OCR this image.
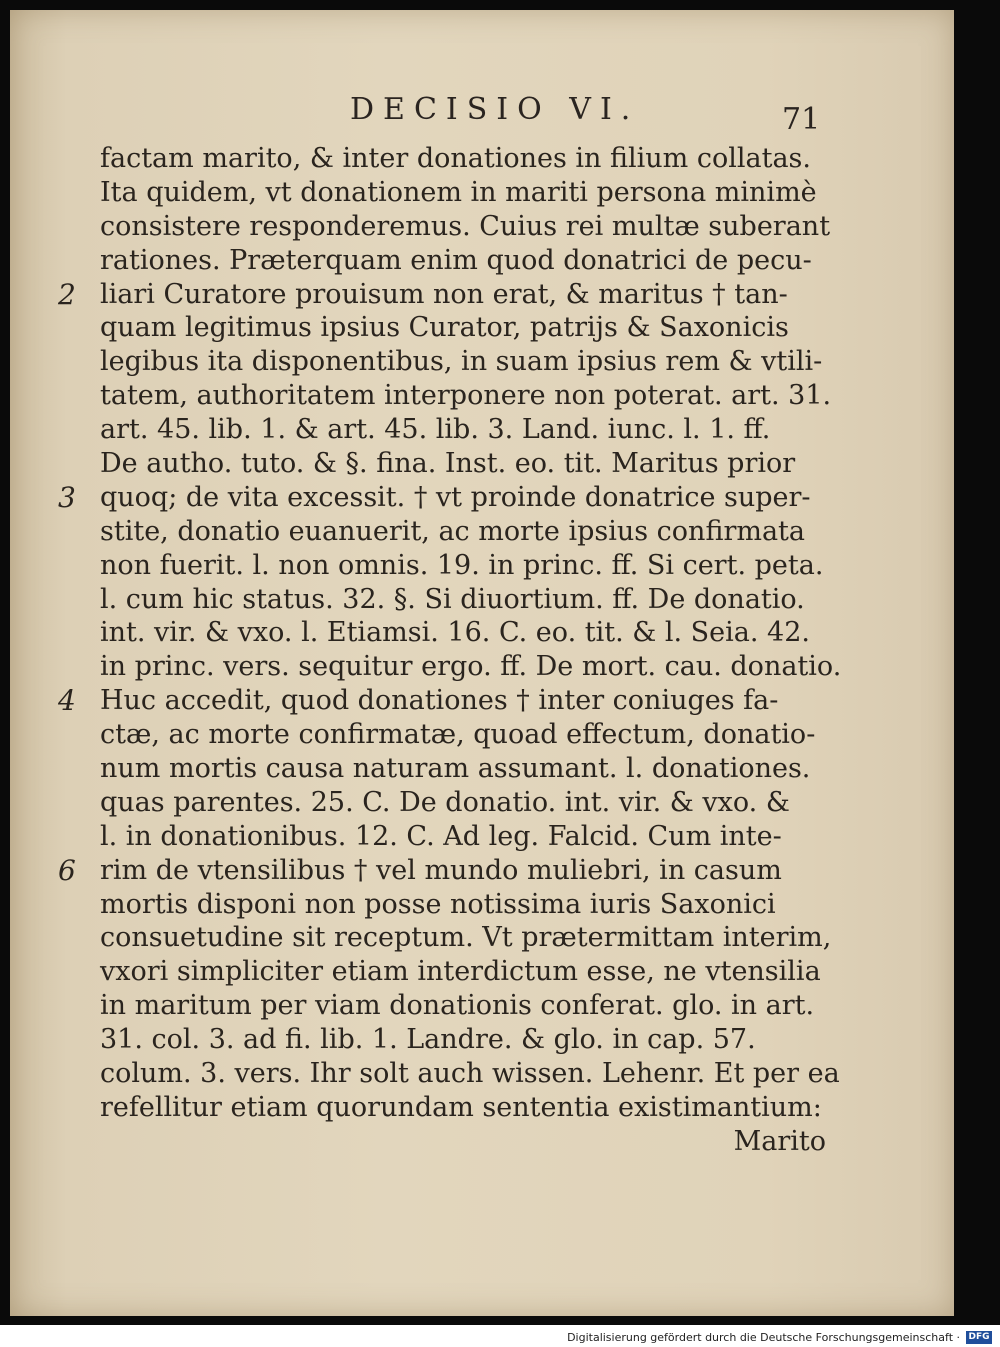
DECISIO VI.	71
factam marito, & inter donationes in filium collatas.
Ita quidem, vt donationem in mariti persona minimè
consistere responderemus. Cuius rei multæ suberant
rationes. Præterquam enim quod donatrici de pecu-
liari Curatore prouisum non erat, & maritus † tan-
quam legitimus ipsius Curator, patrijs & Saxonicis
legibus ita disponentibus, in suam ipsius rem & vtili-
tatem, authoritatem interponere non poterat. art. 31.
art. 45. lib. 1. & art. 45. lib. 3. Land. iunc. l. 1. ff.
De autho. tuto. & §. fina. Inst. eo. tit. Maritus prior
quoq; de vita excessit. † vt proinde donatrice super-
stite, donatio euanuerit, ac morte ipsius confirmata
non fuerit. l. non omnis. 19. in princ. ff. Si cert. peta.
l. cum hic status. 32. §. Si diuortium. ff. De donatio.
int. vir. & vxo. l. Etiamsi. 16. C. eo. tit. & l. Seia. 42.
in princ. vers. sequitur ergo. ff. De mort. cau. donatio.
Huc accedit, quod donationes † inter coniuges fa-
ctæ, ac morte confirmatæ, quoad effectum, donatio-
num mortis causa naturam assumant. l. donationes.
quas parentes. 25. C. De donatio. int. vir. & vxo. &
l. in donationibus. 12. C. Ad leg. Falcid. Cum inte-
rim de vtensilibus † vel mundo muliebri, in casum
mortis disponi non posse notissima iuris Saxonici
consuetudine sit receptum. Vt prætermittam interim,
vxori simpliciter etiam interdictum esse, ne vtensilia
in maritum per viam donationis conferat. glo. in art.
31. col. 3. ad fi. lib. 1. Landre. & glo. in cap. 57.
colum. 3. vers. Ihr solt auch wissen. Lehenr. Et per ea
refellitur etiam quorundam sententia existimantium:
Marito
2
3
4
6
Digitalisierung gefördert durch die Deutsche Forschungsgemeinschaft · DFG
